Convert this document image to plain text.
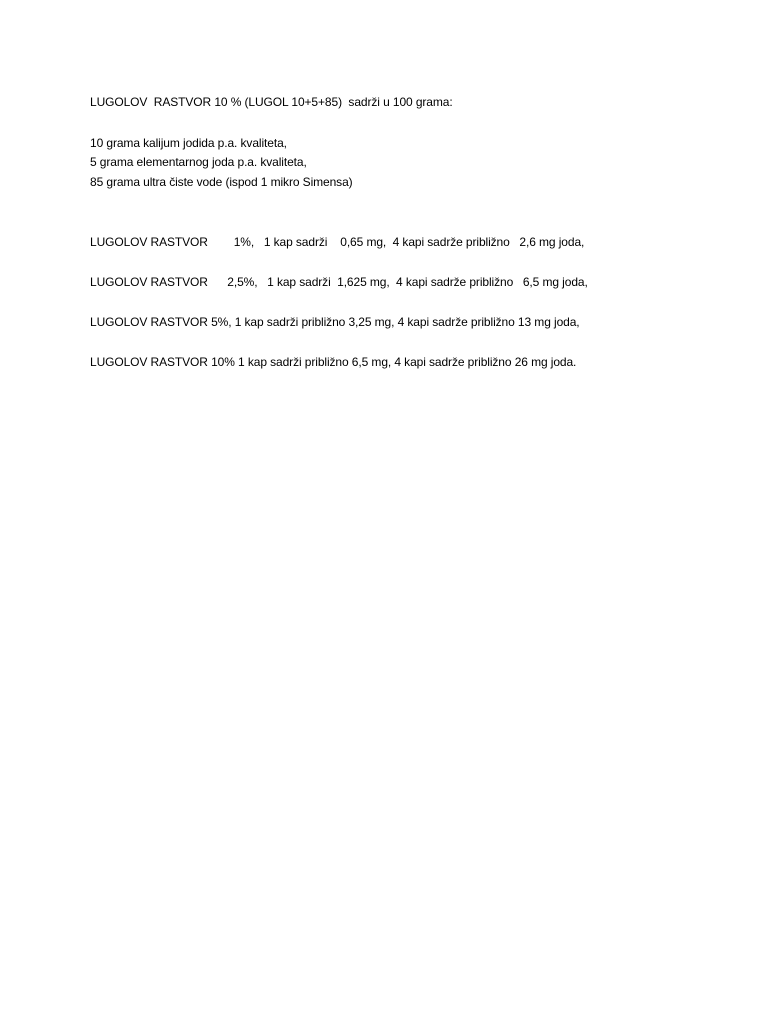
LUGOLOV  RASTVOR 10 % (LUGOL 10+5+85)  sadrži u 100 grama:
10 grama kalijum jodida p.a. kvaliteta,
5 grama elementarnog joda p.a. kvaliteta,
85 grama ultra čiste vode (ispod 1 mikro Simensa)
LUGOLOV RASTVOR        1%,   1 kap sadrži    0,65 mg,  4 kapi sadrže približno   2,6 mg joda,
LUGOLOV RASTVOR      2,5%,   1 kap sadrži  1,625 mg,  4 kapi sadrže približno   6,5 mg joda,
LUGOLOV RASTVOR 5%, 1 kap sadrži približno 3,25 mg, 4 kapi sadrže približno 13 mg joda,
LUGOLOV RASTVOR 10% 1 kap sadrži približno 6,5 mg, 4 kapi sadrže približno 26 mg joda.
